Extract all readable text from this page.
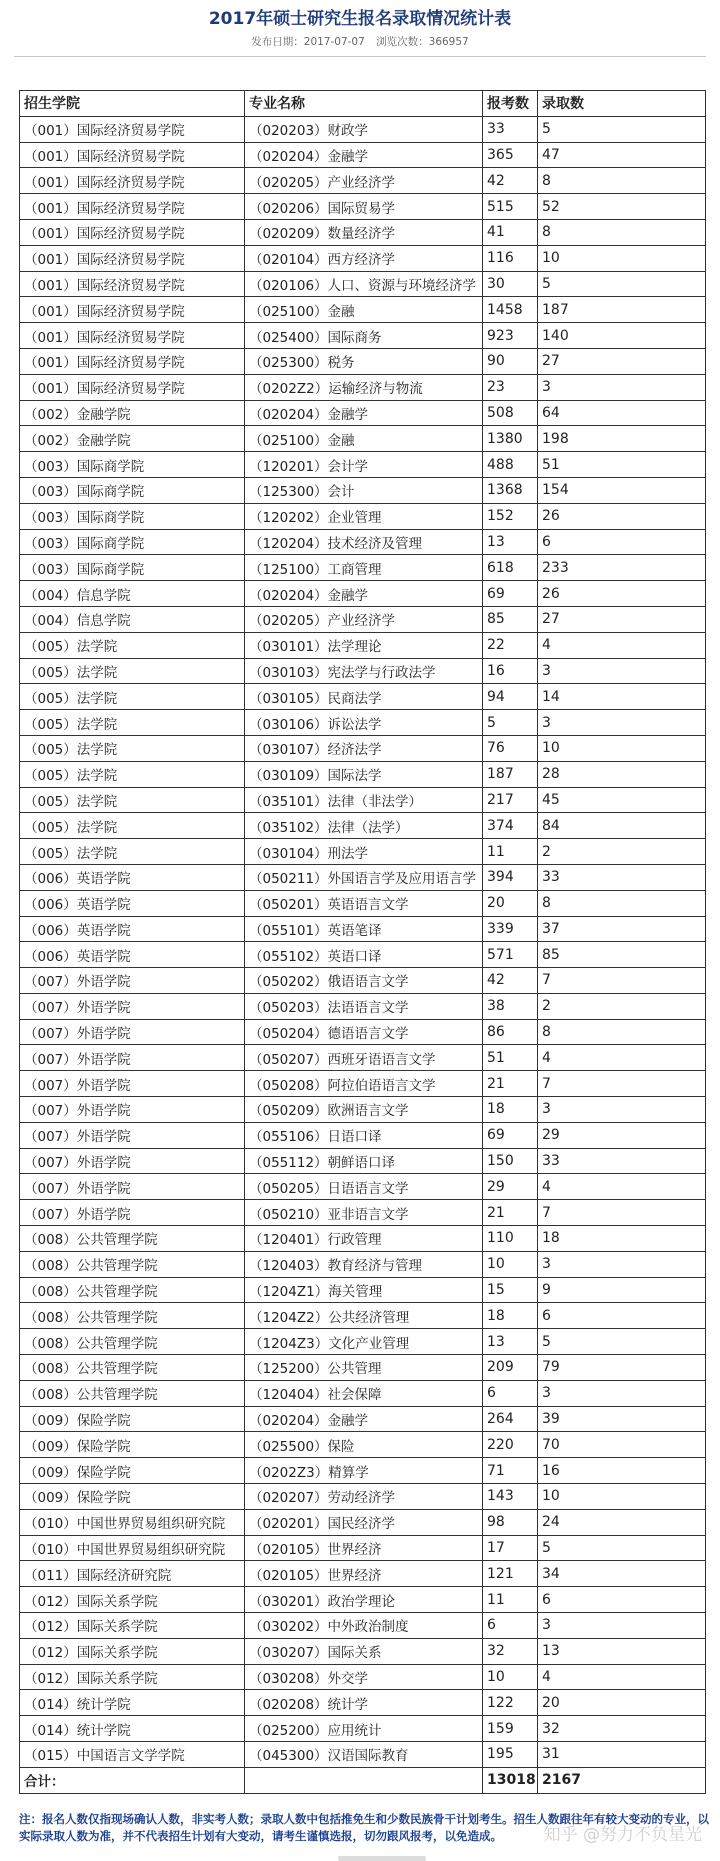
2017年硕士研究生报名录取情况统计表
发布日期：2017-07-07 浏览次数：366957
招生学院	专业名称	报考数	录取数
（001）国际经济贸易学院	（020203）财政学	33	5
（001）国际经济贸易学院	（020204）金融学	365	47
（001）国际经济贸易学院	（020205）产业经济学	42	8
（001）国际经济贸易学院	（020206）国际贸易学	515	52
（001）国际经济贸易学院	（020209）数量经济学	41	8
（001）国际经济贸易学院	（020104）西方经济学	116	10
（001）国际经济贸易学院	（020106）人口、资源与环境经济学	30	5
（001）国际经济贸易学院	（025100）金融	1458	187
（001）国际经济贸易学院	（025400）国际商务	923	140
（001）国际经济贸易学院	（025300）税务	90	27
（001）国际经济贸易学院	（0202Z2）运输经济与物流	23	3
（002）金融学院	（020204）金融学	508	64
（002）金融学院	（025100）金融	1380	198
（003）国际商学院	（120201）会计学	488	51
（003）国际商学院	（125300）会计	1368	154
（003）国际商学院	（120202）企业管理	152	26
（003）国际商学院	（120204）技术经济及管理	13	6
（003）国际商学院	（125100）工商管理	618	233
（004）信息学院	（020204）金融学	69	26
（004）信息学院	（020205）产业经济学	85	27
（005）法学院	（030101）法学理论	22	4
（005）法学院	（030103）宪法学与行政法学	16	3
（005）法学院	（030105）民商法学	94	14
（005）法学院	（030106）诉讼法学	5	3
（005）法学院	（030107）经济法学	76	10
（005）法学院	（030109）国际法学	187	28
（005）法学院	（035101）法律（非法学）	217	45
（005）法学院	（035102）法律（法学）	374	84
（005）法学院	（030104）刑法学	11	2
（006）英语学院	（050211）外国语言学及应用语言学	394	33
（006）英语学院	（050201）英语语言文学	20	8
（006）英语学院	（055101）英语笔译	339	37
（006）英语学院	（055102）英语口译	571	85
（007）外语学院	（050202）俄语语言文学	42	7
（007）外语学院	（050203）法语语言文学	38	2
（007）外语学院	（050204）德语语言文学	86	8
（007）外语学院	（050207）西班牙语语言文学	51	4
（007）外语学院	（050208）阿拉伯语语言文学	21	7
（007）外语学院	（050209）欧洲语言文学	18	3
（007）外语学院	（055106）日语口译	69	29
（007）外语学院	（055112）朝鲜语口译	150	33
（007）外语学院	（050205）日语语言文学	29	4
（007）外语学院	（050210）亚非语言文学	21	7
（008）公共管理学院	（120401）行政管理	110	18
（008）公共管理学院	（120403）教育经济与管理	10	3
（008）公共管理学院	（1204Z1）海关管理	15	9
（008）公共管理学院	（1204Z2）公共经济管理	18	6
（008）公共管理学院	（1204Z3）文化产业管理	13	5
（008）公共管理学院	（125200）公共管理	209	79
（008）公共管理学院	（120404）社会保障	6	3
（009）保险学院	（020204）金融学	264	39
（009）保险学院	（025500）保险	220	70
（009）保险学院	（0202Z3）精算学	71	16
（009）保险学院	（020207）劳动经济学	143	10
（010）中国世界贸易组织研究院	（020201）国民经济学	98	24
（010）中国世界贸易组织研究院	（020105）世界经济	17	5
（011）国际经济研究院	（020105）世界经济	121	34
（012）国际关系学院	（030201）政治学理论	11	6
（012）国际关系学院	（030202）中外政治制度	6	3
（012）国际关系学院	（030207）国际关系	32	13
（012）国际关系学院	（030208）外交学	10	4
（014）统计学院	（020208）统计学	122	20
（014）统计学院	（025200）应用统计	159	32
（015）中国语言文学学院	（045300）汉语国际教育	195	31
合计：		13018	2167
注：报名人数仅指现场确认人数，非实考人数；录取人数中包括推免生和少数民族骨干计划考生。招生人数跟往年有较大变动的专业，以实际录取人数为准，并不代表招生计划有大变动，请考生谨慎选报，切勿跟风报考，以免造成。	知乎 @努力不负星光
